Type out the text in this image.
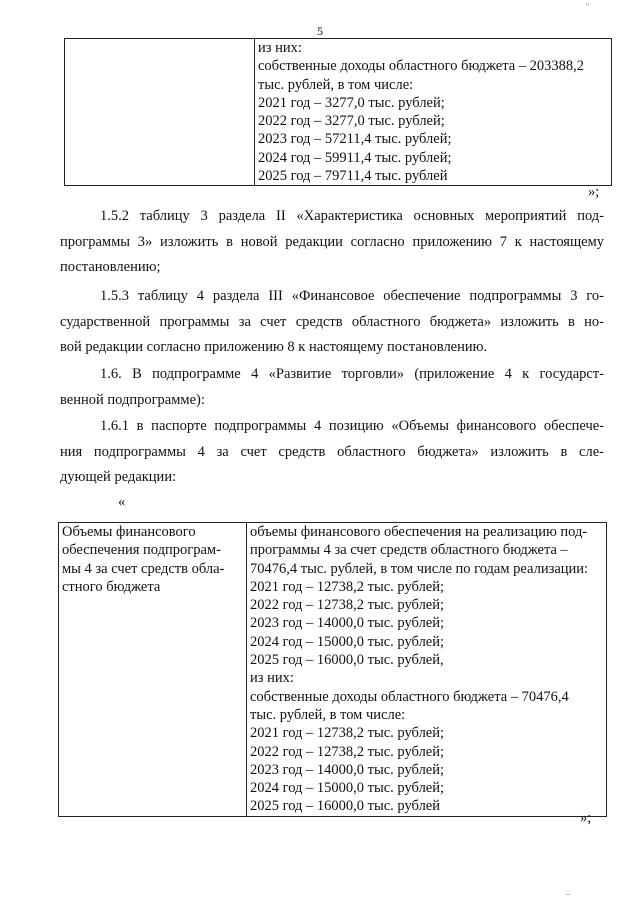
''
5

из них:
собственные доходы областного бюджета – 203388,2
тыс. рублей, в том числе:
2021 год – 3277,0 тыс. рублей;
2022 год – 3277,0 тыс. рублей;
2023 год – 57211,4 тыс. рублей;
2024 год – 59911,4 тыс. рублей;
2025 год – 79711,4 тыс. рублей
»;
1.5.2 таблицу 3 раздела II «Характеристика основных мероприятий под-
программы 3» изложить в новой редакции согласно приложению 7 к настоящему
постановлению;
1.5.3 таблицу 4 раздела III «Финансовое обеспечение подпрограммы 3 го-
сударственной программы за счет средств областного бюджета» изложить в но-
вой редакции согласно приложению 8 к настоящему постановлению.
1.6. В подпрограмме 4 «Развитие торговли» (приложение 4 к государст-
венной подпрограмме):
1.6.1 в паспорте подпрограммы 4 позицию «Объемы финансового обеспече-
ния подпрограммы 4 за счет средств областного бюджета» изложить в сле-
дующей редакции:
«
Объемы финансового
обеспечения подпрограм-
мы 4 за счет средств обла-
стного бюджета

объемы финансового обеспечения на реализацию под-
программы 4 за счет средств областного бюджета –
70476,4 тыс. рублей, в том числе по годам реализации:
2021 год – 12738,2 тыс. рублей;
2022 год – 12738,2 тыс. рублей;
2023 год – 14000,0 тыс. рублей;
2024 год – 15000,0 тыс. рублей;
2025 год – 16000,0 тыс. рублей,
из них:
собственные доходы областного бюджета – 70476,4
тыс. рублей, в том числе:
2021 год – 12738,2 тыс. рублей;
2022 год – 12738,2 тыс. рублей;
2023 год – 14000,0 тыс. рублей;
2024 год – 15000,0 тыс. рублей;
2025 год – 16000,0 тыс. рублей
»;
..
